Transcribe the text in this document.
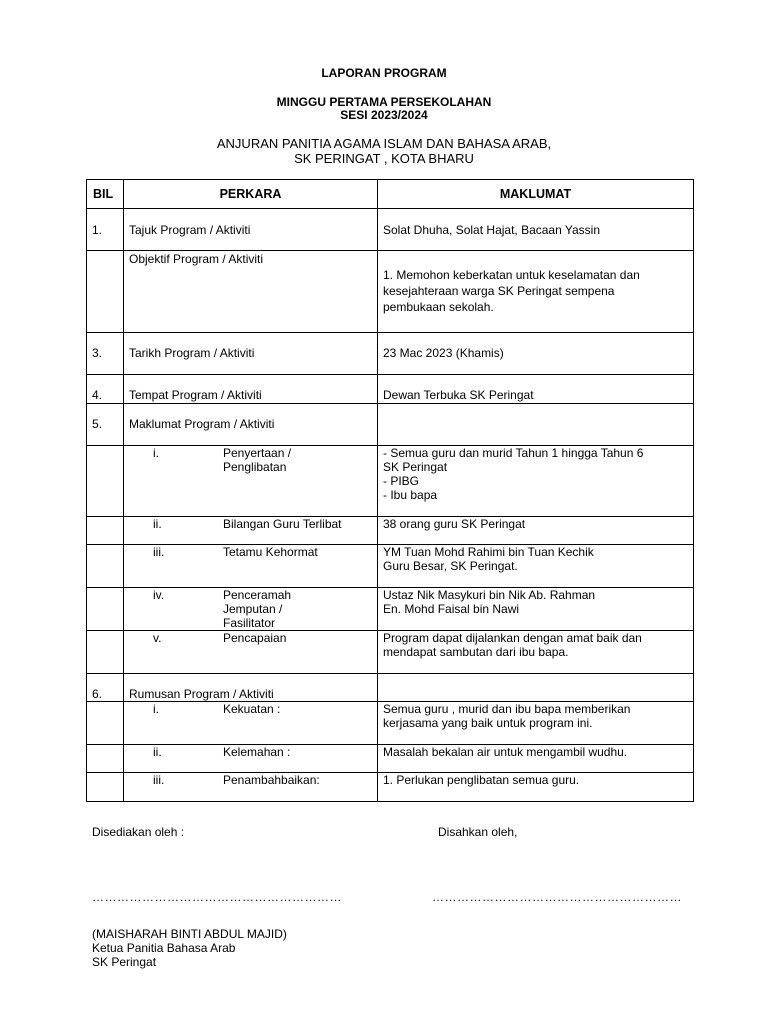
LAPORAN PROGRAM
MINGGU PERTAMA PERSEKOLAHAN
SESI 2023/2024
ANJURAN PANITIA AGAMA ISLAM DAN BAHASA ARAB,
SK PERINGAT , KOTA BHARU
BIL	PERKARA	MAKLUMAT
1.	Tajuk Program / Aktiviti	Solat Dhuha, Solat Hajat, Bacaan Yassin
	Objektif Program / Aktiviti	1. Memohon keberkatan untuk keselamatan dan
kesejahteraan warga SK Peringat sempena
pembukaan sekolah.
3.	Tarikh Program / Aktiviti	23 Mac 2023 (Khamis)
4.	Tempat Program / Aktiviti	Dewan Terbuka SK Peringat
5.	Maklumat Program / Aktiviti	

	i. Penyertaan /
Penglibatan	- Semua guru dan murid Tahun 1 hingga Tahun 6
SK Peringat
- PIBG
- Ibu bapa

	ii. Bilangan Guru Terlibat	38 orang guru SK Peringat

	iii. Tetamu Kehormat	YM Tuan Mohd Rahimi bin Tuan Kechik
Guru Besar, SK Peringat.

	iv. Penceramah
Jemputan /
Fasilitator	Ustaz Nik Masykuri bin Nik Ab. Rahman
En. Mohd Faisal bin Nawi

	v. Pencapaian	Program dapat dijalankan dengan amat baik dan
mendapat sambutan dari ibu bapa.
6.	Rumusan Program / Aktiviti	

	i. Kekuatan :	Semua guru , murid dan ibu bapa memberikan
kerjasama yang baik untuk program ini.

	ii. Kelemahan :	Masalah bekalan air untuk mengambil wudhu.

	iii. Penambahbaikan:	1. Perlukan penglibatan semua guru.
Disediakan oleh :	Disahkan oleh,
……………………………………………………	……………………………………………………
(MAISHARAH BINTI ABDUL MAJID)
Ketua Panitia Bahasa Arab
SK Peringat
